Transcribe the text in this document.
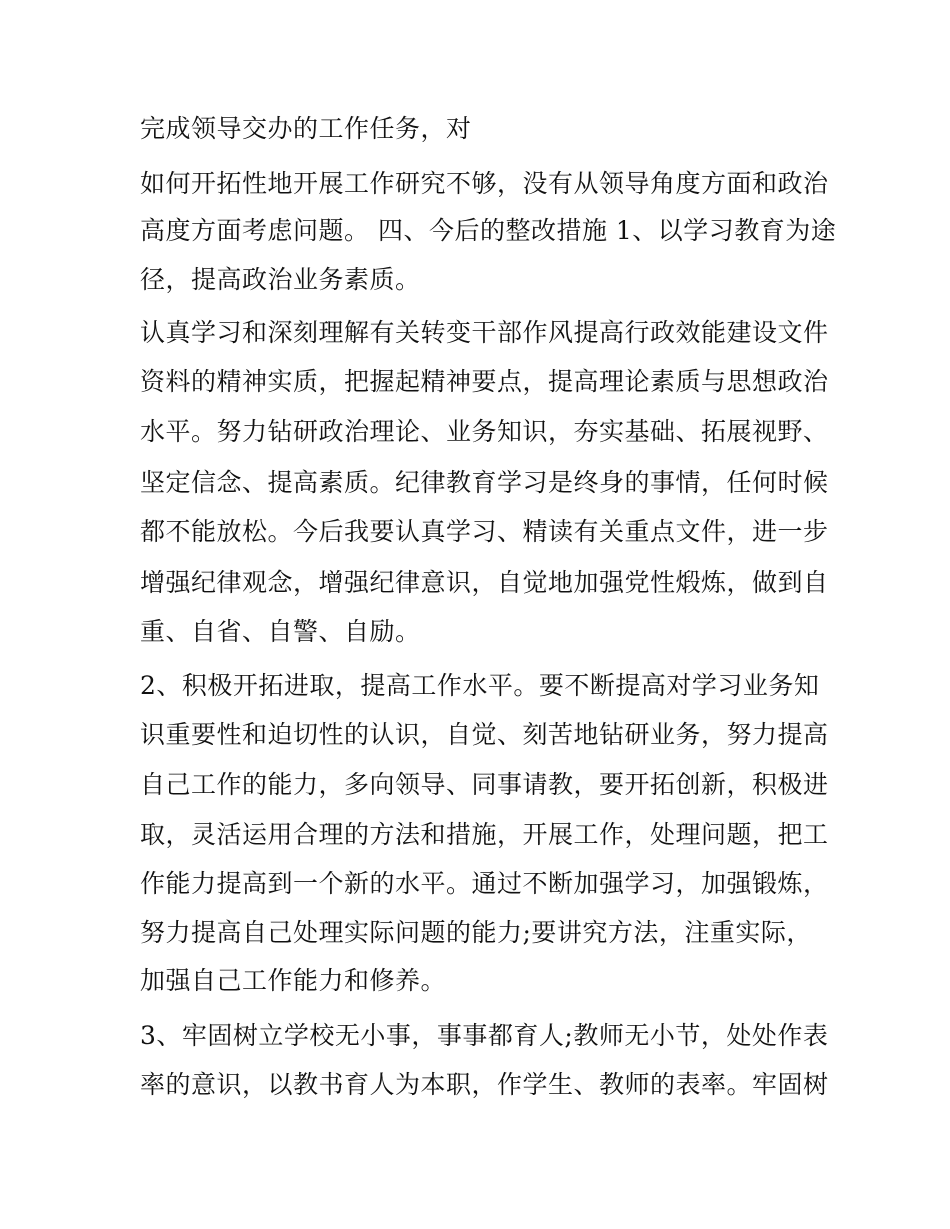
完成领导交办的工作任务，对
如何开拓性地开展工作研究不够，没有从领导角度方面和政治
高度方面考虑问题。 四、今后的整改措施 1、以学习教育为途
径，提高政治业务素质。
认真学习和深刻理解有关转变干部作风提高行政效能建设文件
资料的精神实质，把握起精神要点，提高理论素质与思想政治
水平。努力钻研政治理论、业务知识，夯实基础、拓展视野、
坚定信念、提高素质。纪律教育学习是终身的事情，任何时候
都不能放松。今后我要认真学习、精读有关重点文件，进一步
增强纪律观念，增强纪律意识，自觉地加强党性煅炼，做到自
重、自省、自警、自励。
2、积极开拓进取，提高工作水平。要不断提高对学习业务知
识重要性和迫切性的认识，自觉、刻苦地钻研业务，努力提高
自己工作的能力，多向领导、同事请教，要开拓创新，积极进
取，灵活运用合理的方法和措施，开展工作，处理问题，把工
作能力提高到一个新的水平。通过不断加强学习，加强锻炼，
努力提高自己处理实际问题的能力;要讲究方法，注重实际，
加强自己工作能力和修养。
3、牢固树立学校无小事，事事都育人;教师无小节，处处作表
率的意识，以教书育人为本职，作学生、教师的表率。牢固树
